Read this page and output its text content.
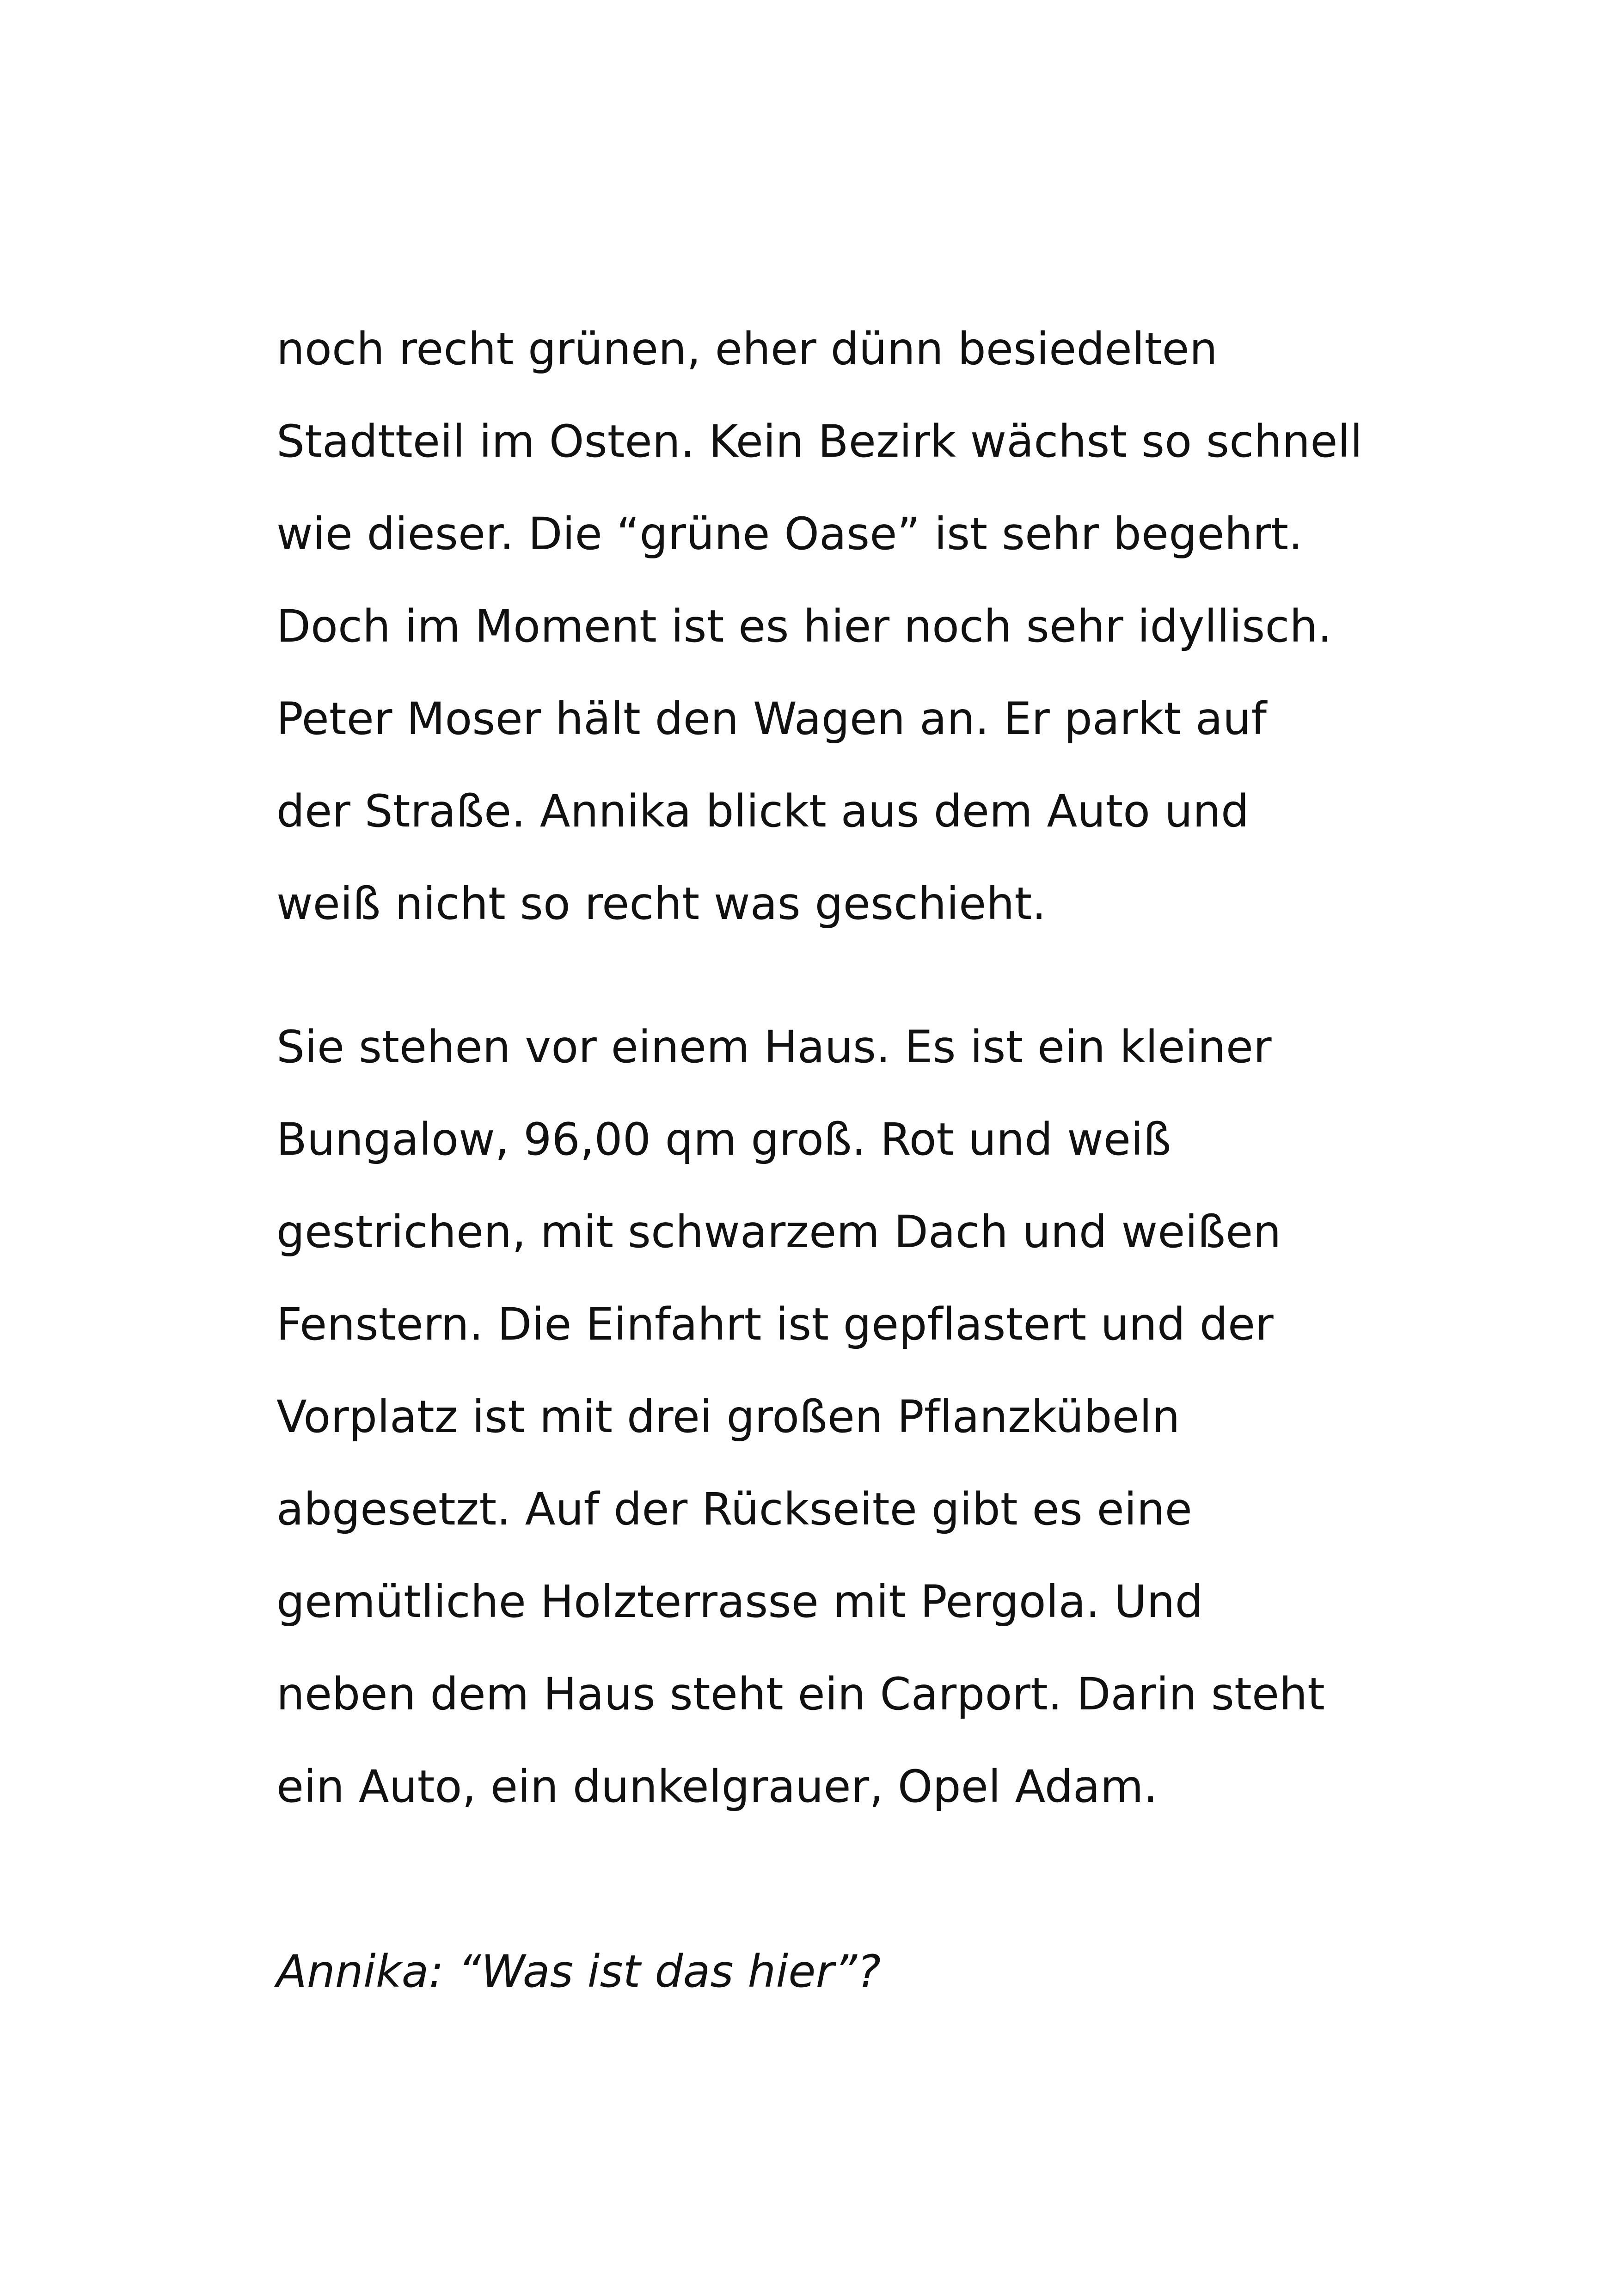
noch recht grünen, eher dünn besiedelten
Stadtteil im Osten. Kein Bezirk wächst so schnell
wie dieser. Die “grüne Oase” ist sehr begehrt.
Doch im Moment ist es hier noch sehr idyllisch.
Peter Moser hält den Wagen an. Er parkt auf
der Straße. Annika blickt aus dem Auto und
weiß nicht so recht was geschieht.
Sie stehen vor einem Haus. Es ist ein kleiner
Bungalow, 96,00 qm groß. Rot und weiß
gestrichen, mit schwarzem Dach und weißen
Fenstern. Die Einfahrt ist gepflastert und der
Vorplatz ist mit drei großen Pflanzkübeln
abgesetzt. Auf der Rückseite gibt es eine
gemütliche Holzterrasse mit Pergola. Und
neben dem Haus steht ein Carport. Darin steht
ein Auto, ein dunkelgrauer, Opel Adam.
Annika: “Was ist das hier”?
